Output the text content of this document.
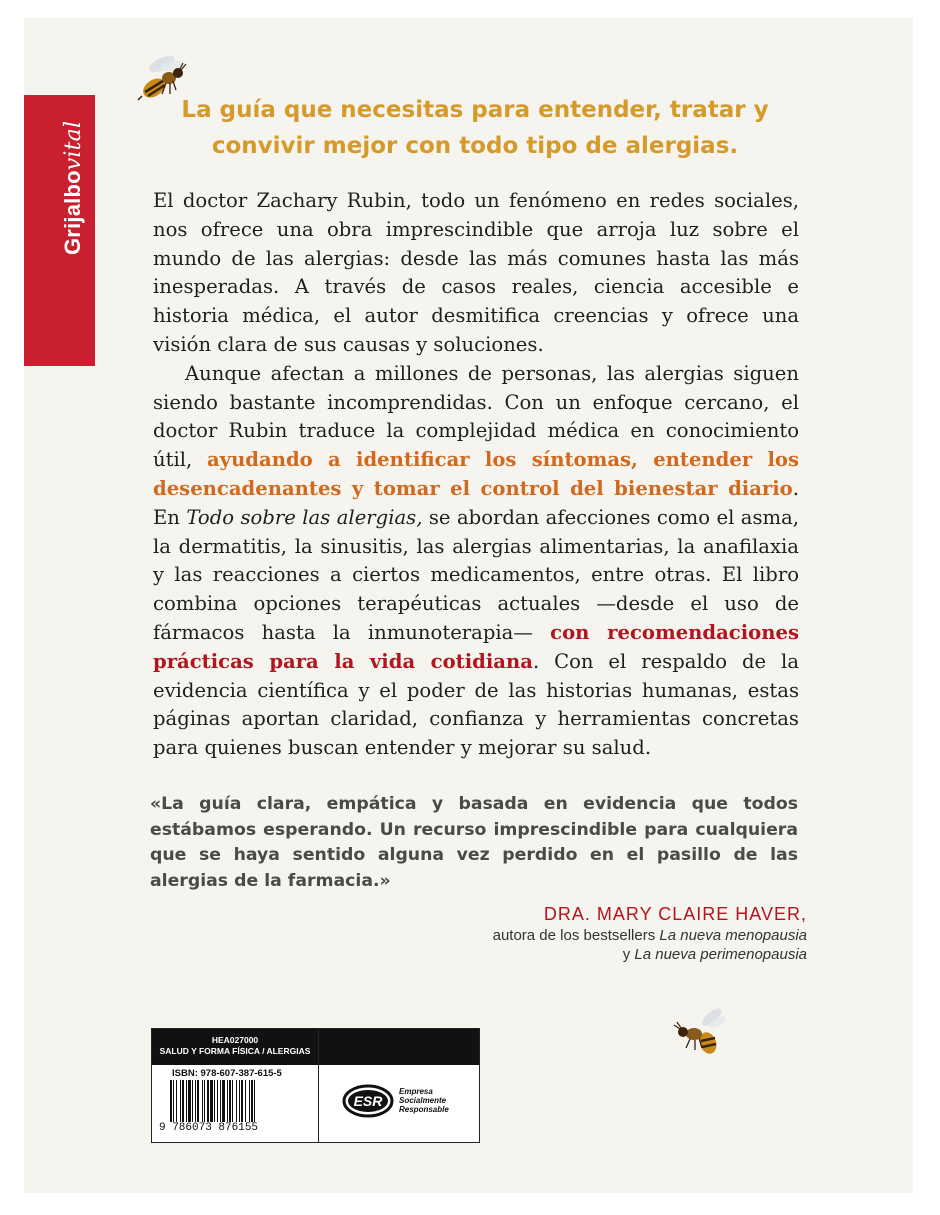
Grijalbovital
La guía que necesitas para entender, tratar y
convivir mejor con todo tipo de alergias.

El doctor Zachary Rubin, todo un fenómeno en redes sociales, nos ofrece una obra imprescindible que arroja luz sobre el mundo de las alergias: desde las más comunes hasta las más inesperadas. A través de casos reales, ciencia accesible e historia médica, el autor desmitifica creencias y ofrece una visión clara de sus causas y soluciones.

Aunque afectan a millones de personas, las alergias siguen siendo bastante incomprendidas. Con un enfoque cercano, el doctor Rubin traduce la complejidad médica en conocimiento útil, ayudando a identificar los síntomas, entender los desencadenantes y tomar el control del bienestar diario. En Todo sobre las alergias, se abordan afecciones como el asma, la dermatitis, la sinusitis, las alergias alimentarias, la anafilaxia y las reacciones a ciertos medicamentos, entre otras. El libro combina opciones terapéuticas actuales —desde el uso de fármacos hasta la inmunoterapia— con recomendaciones prácticas para la vida cotidiana. Con el respaldo de la evidencia científica y el poder de las historias humanas, estas páginas aportan claridad, confianza y herramientas concretas para quienes buscan entender y mejorar su salud.

«La guía clara, empática y basada en evidencia que todos estábamos esperando. Un recurso imprescindible para cualquiera que se haya sentido alguna vez perdido en el pasillo de las alergias de la farmacia.»
DRA. MARY CLAIRE HAVER,
autora de los bestsellers La nueva menopausia
y La nueva perimenopausia
HEA027000
SALUD Y FORMA FÍSICA / ALERGIAS
ISBN: 978-607-387-615-5
9 786073 876155
ESR
Empresa
Socialmente
Responsable
